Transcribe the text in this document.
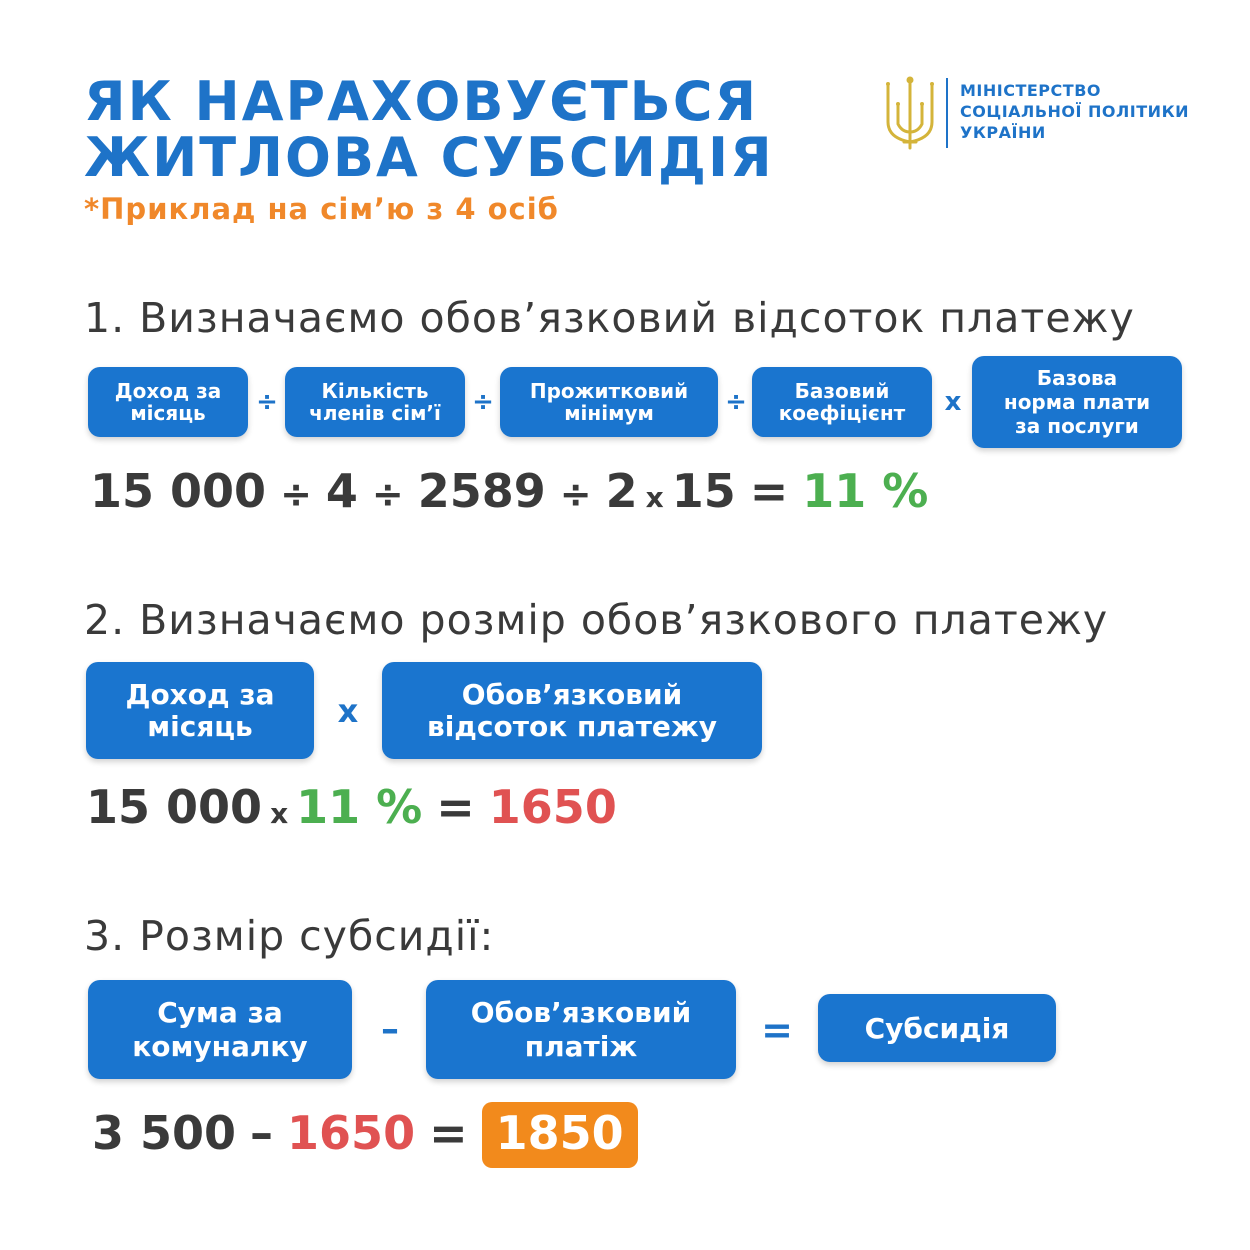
ЯК НАРАХОВУЄТЬСЯ
ЖИТЛОВА СУБСИДІЯ
*Приклад на сім’ю з 4 осіб
МІНІСТЕРСТВО
СОЦІАЛЬНОЇ ПОЛІТИКИ
УКРАЇНИ
1. Визначаємо обов’язковий відсоток платежу
Доход за
місяць	÷	Кількість
членів сім’ї ÷ Прожитковий
мінімум	÷	Базовий
коефіцієнт	x
Базова
норма плати
за послуги
15 000 ÷ 4 ÷ 2589 ÷ 2 x 15 = 11 %
2. Визначаємо розмір обов’язкового платежу
Доход за
місяць	x	Обов’язковий
відсоток платежу
15 000 x 11 % = 1650
3. Розмір субсидії:
Сума за
комуналку	–	Обов’язковий
платіж	=	Субсидія
3 500 – 1650 = 1850
